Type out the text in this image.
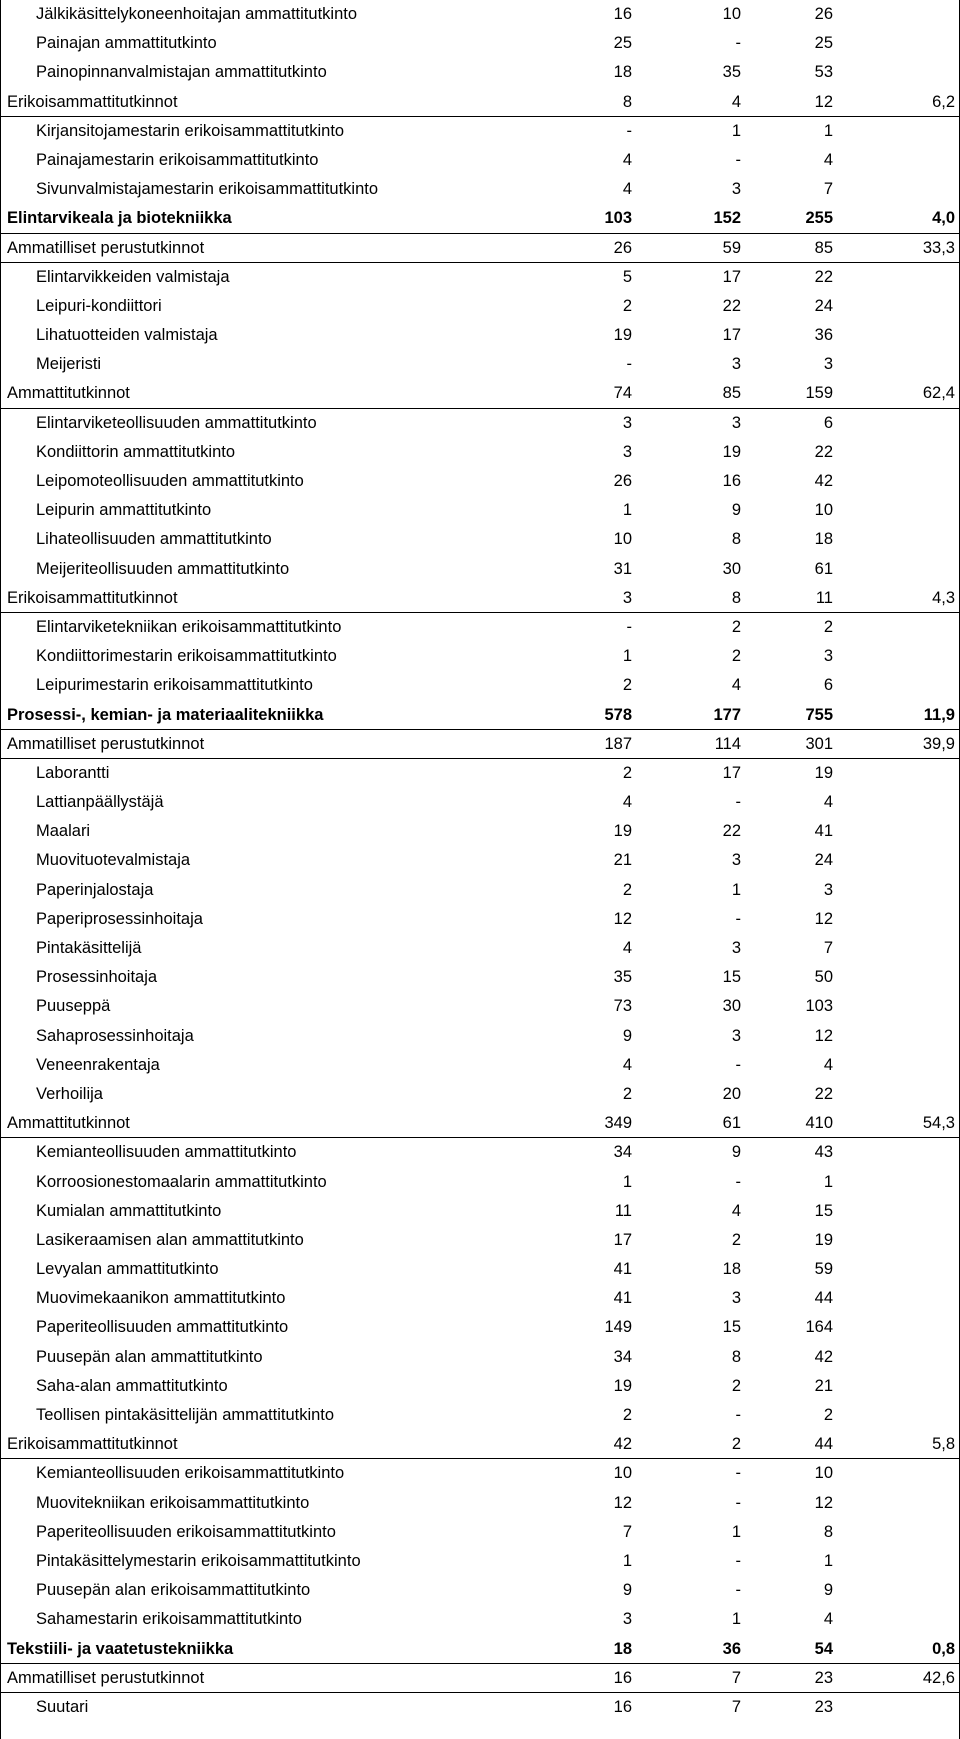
Jälkikäsittelykoneenhoitajan ammattitutkinto	16	10	26
Painajan ammattitutkinto	25	-	25
Painopinnanvalmistajan ammattitutkinto	18	35	53
Erikoisammattitutkinnot	8	4	12	6,2
Kirjansitojamestarin erikoisammattitutkinto	-	1	1
Painajamestarin erikoisammattitutkinto	4	-	4
Sivunvalmistajamestarin erikoisammattitutkinto	4	3	7
Elintarvikeala ja biotekniikka	103	152	255	4,0
Ammatilliset perustutkinnot	26	59	85	33,3
Elintarvikkeiden valmistaja	5	17	22
Leipuri-kondiittori	2	22	24
Lihatuotteiden valmistaja	19	17	36
Meijeristi	-	3	3
Ammattitutkinnot	74	85	159	62,4
Elintarviketeollisuuden ammattitutkinto	3	3	6
Kondiittorin ammattitutkinto	3	19	22
Leipomoteollisuuden ammattitutkinto	26	16	42
Leipurin ammattitutkinto	1	9	10
Lihateollisuuden ammattitutkinto	10	8	18
Meijeriteollisuuden ammattitutkinto	31	30	61
Erikoisammattitutkinnot	3	8	11	4,3
Elintarviketekniikan erikoisammattitutkinto	-	2	2
Kondiittorimestarin erikoisammattitutkinto	1	2	3
Leipurimestarin erikoisammattitutkinto	2	4	6
Prosessi-, kemian- ja materiaalitekniikka	578	177	755	11,9
Ammatilliset perustutkinnot	187	114	301	39,9
Laborantti	2	17	19
Lattianpäällystäjä	4	-	4
Maalari	19	22	41
Muovituotevalmistaja	21	3	24
Paperinjalostaja	2	1	3
Paperiprosessinhoitaja	12	-	12
Pintakäsittelijä	4	3	7
Prosessinhoitaja	35	15	50
Puuseppä	73	30	103
Sahaprosessinhoitaja	9	3	12
Veneenrakentaja	4	-	4
Verhoilija	2	20	22
Ammattitutkinnot	349	61	410	54,3
Kemianteollisuuden ammattitutkinto	34	9	43
Korroosionestomaalarin ammattitutkinto	1	-	1
Kumialan ammattitutkinto	11	4	15
Lasikeraamisen alan ammattitutkinto	17	2	19
Levyalan ammattitutkinto	41	18	59
Muovimekaanikon ammattitutkinto	41	3	44
Paperiteollisuuden ammattitutkinto	149	15	164
Puusepän alan ammattitutkinto	34	8	42
Saha-alan ammattitutkinto	19	2	21
Teollisen pintakäsittelijän ammattitutkinto	2	-	2
Erikoisammattitutkinnot	42	2	44	5,8
Kemianteollisuuden erikoisammattitutkinto	10	-	10
Muovitekniikan erikoisammattitutkinto	12	-	12
Paperiteollisuuden erikoisammattitutkinto	7	1	8
Pintakäsittelymestarin erikoisammattitutkinto	1	-	1
Puusepän alan erikoisammattitutkinto	9	-	9
Sahamestarin erikoisammattitutkinto	3	1	4
Tekstiili- ja vaatetustekniikka	18	36	54	0,8
Ammatilliset perustutkinnot	16	7	23	42,6
Suutari	16	7	23
